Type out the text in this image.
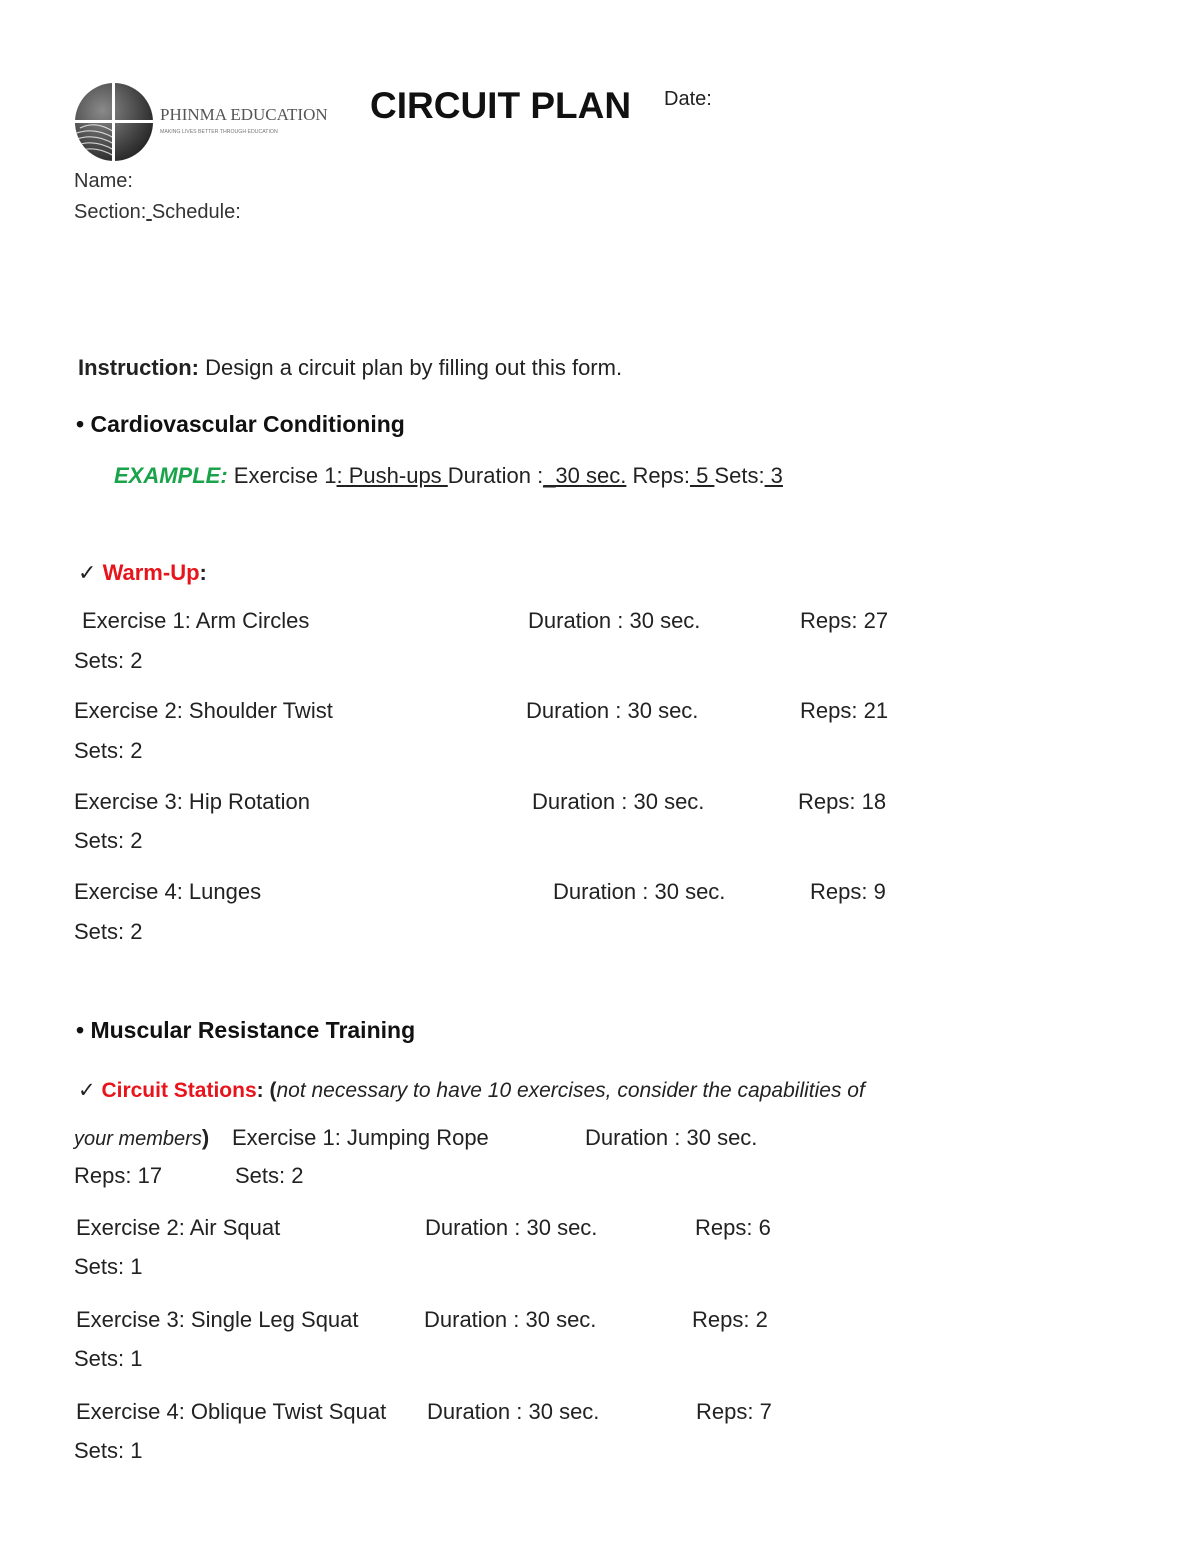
PHINMA EDUCATION
MAKING LIVES BETTER THROUGH EDUCATION
CIRCUIT PLAN Date:
Name:
Section: Schedule:
Instruction: Design a circuit plan by filling out this form.
• Cardiovascular Conditioning
EXAMPLE: Exercise 1: Push-ups Duration :_30 sec. Reps: 5 Sets: 3
✓ Warm-Up:
Exercise 1: Arm Circles	Duration : 30 sec.	Reps: 27
Sets: 2
Exercise 2: Shoulder Twist	Duration : 30 sec.	Reps: 21
Sets: 2
Exercise 3: Hip Rotation	Duration : 30 sec.	Reps: 18
Sets: 2
Exercise 4: Lunges	Duration : 30 sec.	Reps: 9
Sets: 2
• Muscular Resistance Training
✓ Circuit Stations: (not necessary to have 10 exercises, consider the capabilities of
your members) Exercise 1: Jumping Rope	Duration : 30 sec.
Reps: 17	Sets: 2
Exercise 2: Air Squat	Duration : 30 sec.	Reps: 6
Sets: 1
Exercise 3: Single Leg Squat	Duration : 30 sec.	Reps: 2
Sets: 1
Exercise 4: Oblique Twist Squat Duration : 30 sec.	Reps: 7
Sets: 1
